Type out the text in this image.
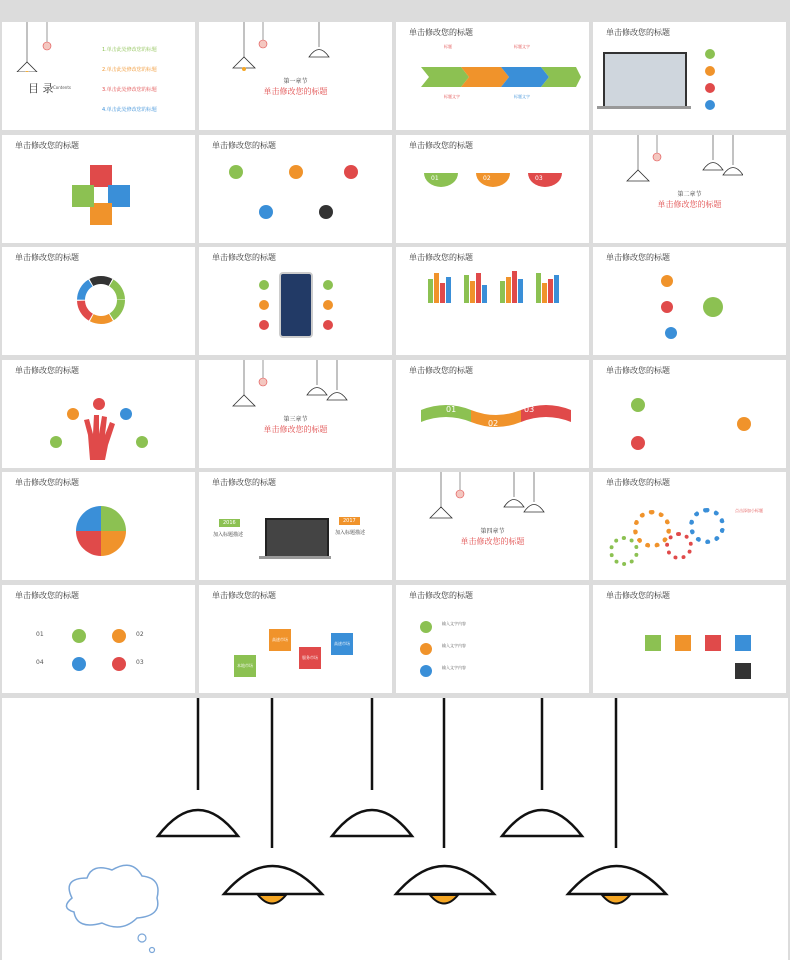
目 录 Contents
1.单击此处修改您的标题
2.单击此处修改您的标题
3.单击此处修改您的标题
4.单击此处修改您的标题
第一章节
单击修改您的标题
单击修改您的标题
标题	标题文字
标题文字	标题文字
单击修改您的标题
单击修改您的标题	单击修改您的标题	单击修改您的标题
01	02	03
第二章节
单击修改您的标题
单击修改您的标题	单击修改您的标题	单击修改您的标题	单击修改您的标题
单击修改您的标题
第三章节
单击修改您的标题
单击修改您的标题
01
02
03
单击修改您的标题
单击修改您的标题	单击修改您的标题
2016	2017
加入标题描述	加入标题描述	第四章节
单击修改您的标题
单击修改您的标题
点击添加小标题
单击修改您的标题
01	02
04	03
单击修改您的标题
本地市场
高速市场
服务市场
高速市场
单击修改您的标题
输入文字内容
输入文字内容
输入文字内容
单击修改您的标题
